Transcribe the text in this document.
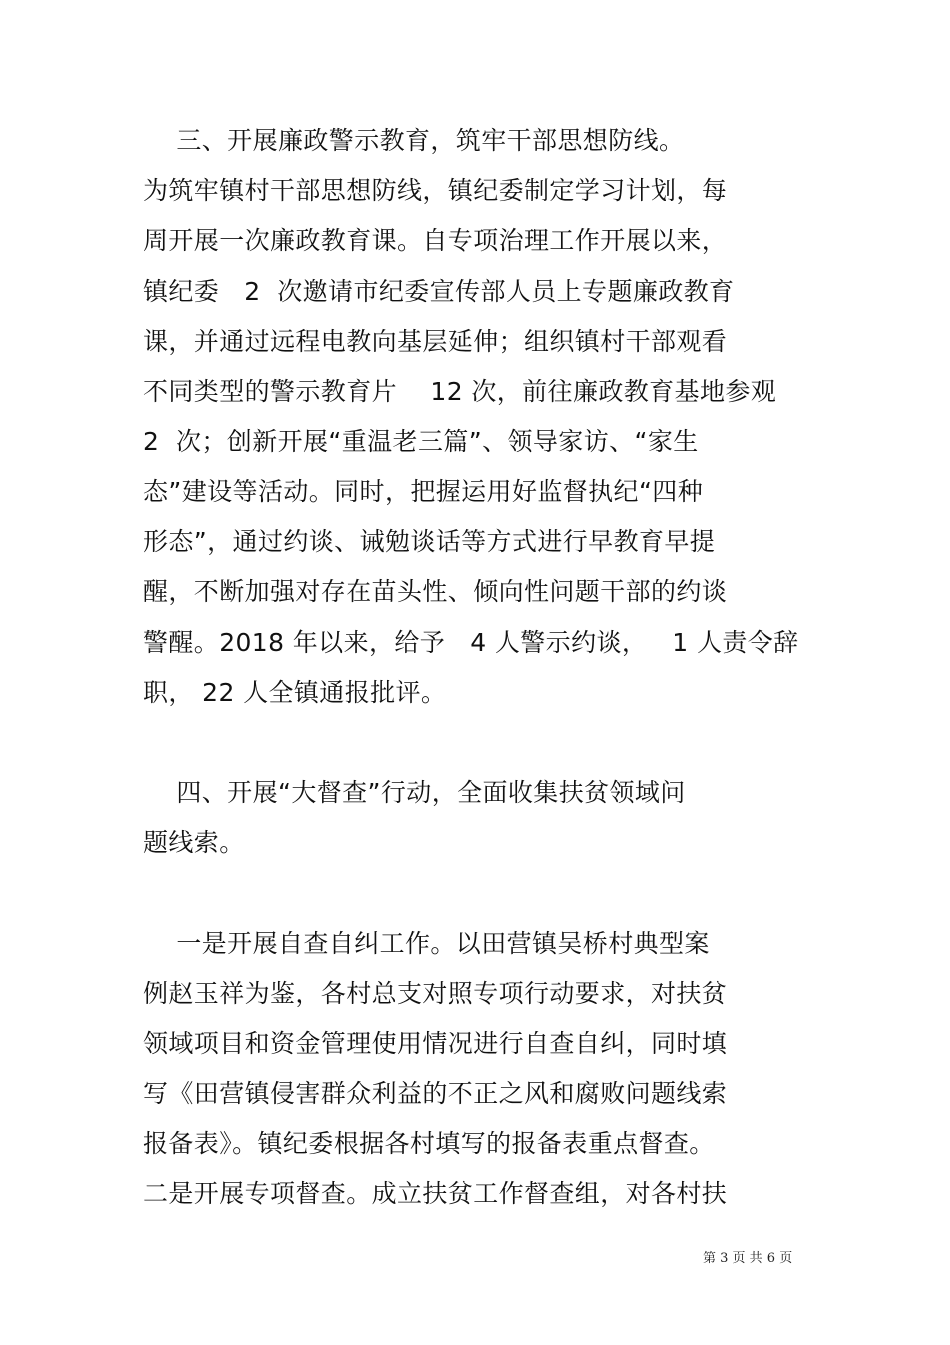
三、开展廉政警示教育，筑牢干部思想防线。
为筑牢镇村干部思想防线，镇纪委制定学习计划，每
周开展一次廉政教育课。自专项治理工作开展以来，
镇纪委   2  次邀请市纪委宣传部人员上专题廉政教育
课，并通过远程电教向基层延伸；组织镇村干部观看
不同类型的警示教育片    12 次，前往廉政教育基地参观
2  次；创新开展“重温老三篇”、领导家访、“家生
态”建设等活动。同时，把握运用好监督执纪“四种
形态”，通过约谈、诫勉谈话等方式进行早教育早提
醒，不断加强对存在苗头性、倾向性问题干部的约谈
警醒。2018 年以来，给予   4 人警示约谈，   1 人责令辞
职， 22 人全镇通报批评。
四、开展“大督查”行动，全面收集扶贫领域问
题线索。
一是开展自查自纠工作。以田营镇吴桥村典型案
例赵玉祥为鉴，各村总支对照专项行动要求，对扶贫
领域项目和资金管理使用情况进行自查自纠，同时填
写《田营镇侵害群众利益的不正之风和腐败问题线索
报备表》。镇纪委根据各村填写的报备表重点督查。
二是开展专项督查。成立扶贫工作督查组，对各村扶
第 3 页 共 6 页
